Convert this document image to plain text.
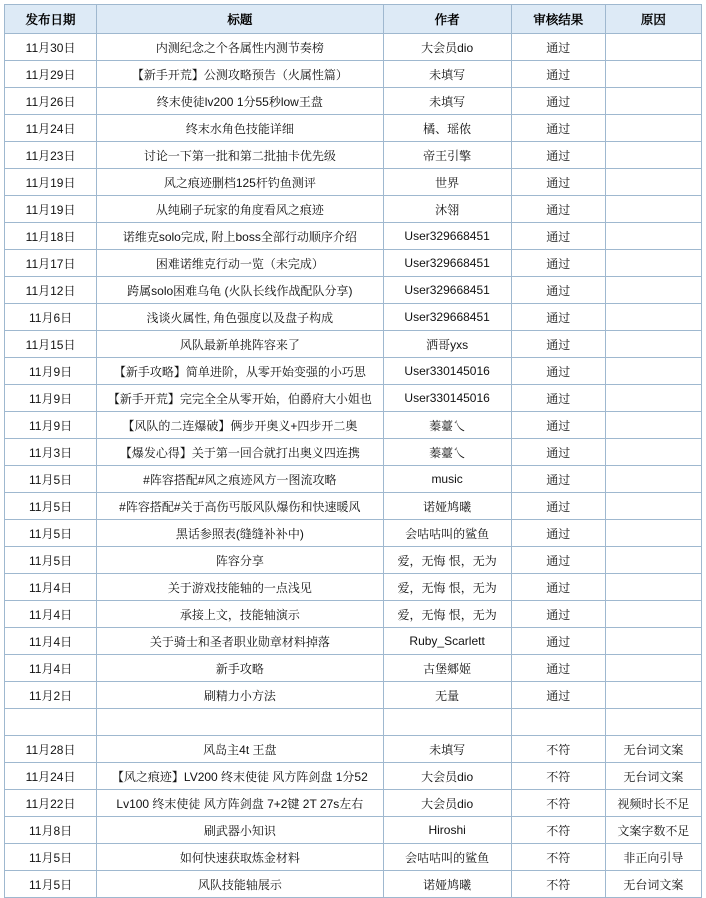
发布日期	标题	作者	审核结果	原因
11月30日	内测纪念之个各属性内测节奏榜	大会员dio	通过	
11月29日	【新手开荒】公测攻略预告（火属性篇）	未填写	通过	
11月26日	终末使徒lv200 1分55秒low王盘	未填写	通过	
11月24日	终末水角色技能详细	橘、瑶侬	通过	
11月23日	讨论一下第一批和第二批抽卡优先级	帝王引擎	通过	
11月19日	风之痕迹删档125杆钓鱼测评	世界	通过	
11月19日	从纯刷子玩家的角度看风之痕迹	沐翎	通过	
11月18日	诺维克solo完成, 附上boss全部行动顺序介绍	User329668451	通过	
11月17日	困难诺维克行动一览（未完成）	User329668451	通过	
11月12日	跨属solo困难乌龟 (火队长线作战配队分享)	User329668451	通过	
11月6日	浅谈火属性, 角色强度以及盘子构成	User329668451	通过	
11月15日	风队最新单挑阵容来了	洒哥yxs	通过	
11月9日	【新手攻略】简单进阶，从零开始变强的小巧思	User330145016	通过	
11月9日	【新手开荒】完完全全从零开始，伯爵府大小姐也	User330145016	通过	
11月9日	【风队的二连爆破】俩步开奥义+四步开二奥	蓁薹乀	通过	
11月3日	【爆发心得】关于第一回合就打出奥义四连携	蓁薹乀	通过	
11月5日	#阵容搭配#风之痕迹风方一图流攻略	music	通过	
11月5日	#阵容搭配#关于高伤丐版风队爆伤和快速暖风	诺娅鸠曦	通过	
11月5日	黑话参照表(缝缝补补中)	会咕咕叫的鲨鱼	通过	
11月5日	阵容分享	爱，无悔 恨，无为	通过	
11月4日	关于游戏技能轴的一点浅见	爱，无悔 恨，无为	通过	
11月4日	承接上文，技能轴演示	爱，无悔 恨，无为	通过	
11月4日	关于骑士和圣者职业勋章材料掉落	Ruby_Scarlett	通过	
11月4日	新手攻略	古堡郷姬	通过	
11月2日	刷精力小方法	无量	通过	

11月28日	风岛主4t 王盘	未填写	不符	无台词文案
11月24日	【风之痕迹】LV200 终末使徒 风方阵剑盘 1分52	大会员dio	不符	无台词文案
11月22日	Lv100 终末使徒 风方阵剑盘 7+2键 2T 27s左右	大会员dio	不符	视频时长不足
11月8日	刷武器小知识	Hiroshi	不符	文案字数不足
11月5日	如何快速获取炼金材料	会咕咕叫的鲨鱼	不符	非正向引导
11月5日	风队技能轴展示	诺娅鸠曦	不符	无台词文案
